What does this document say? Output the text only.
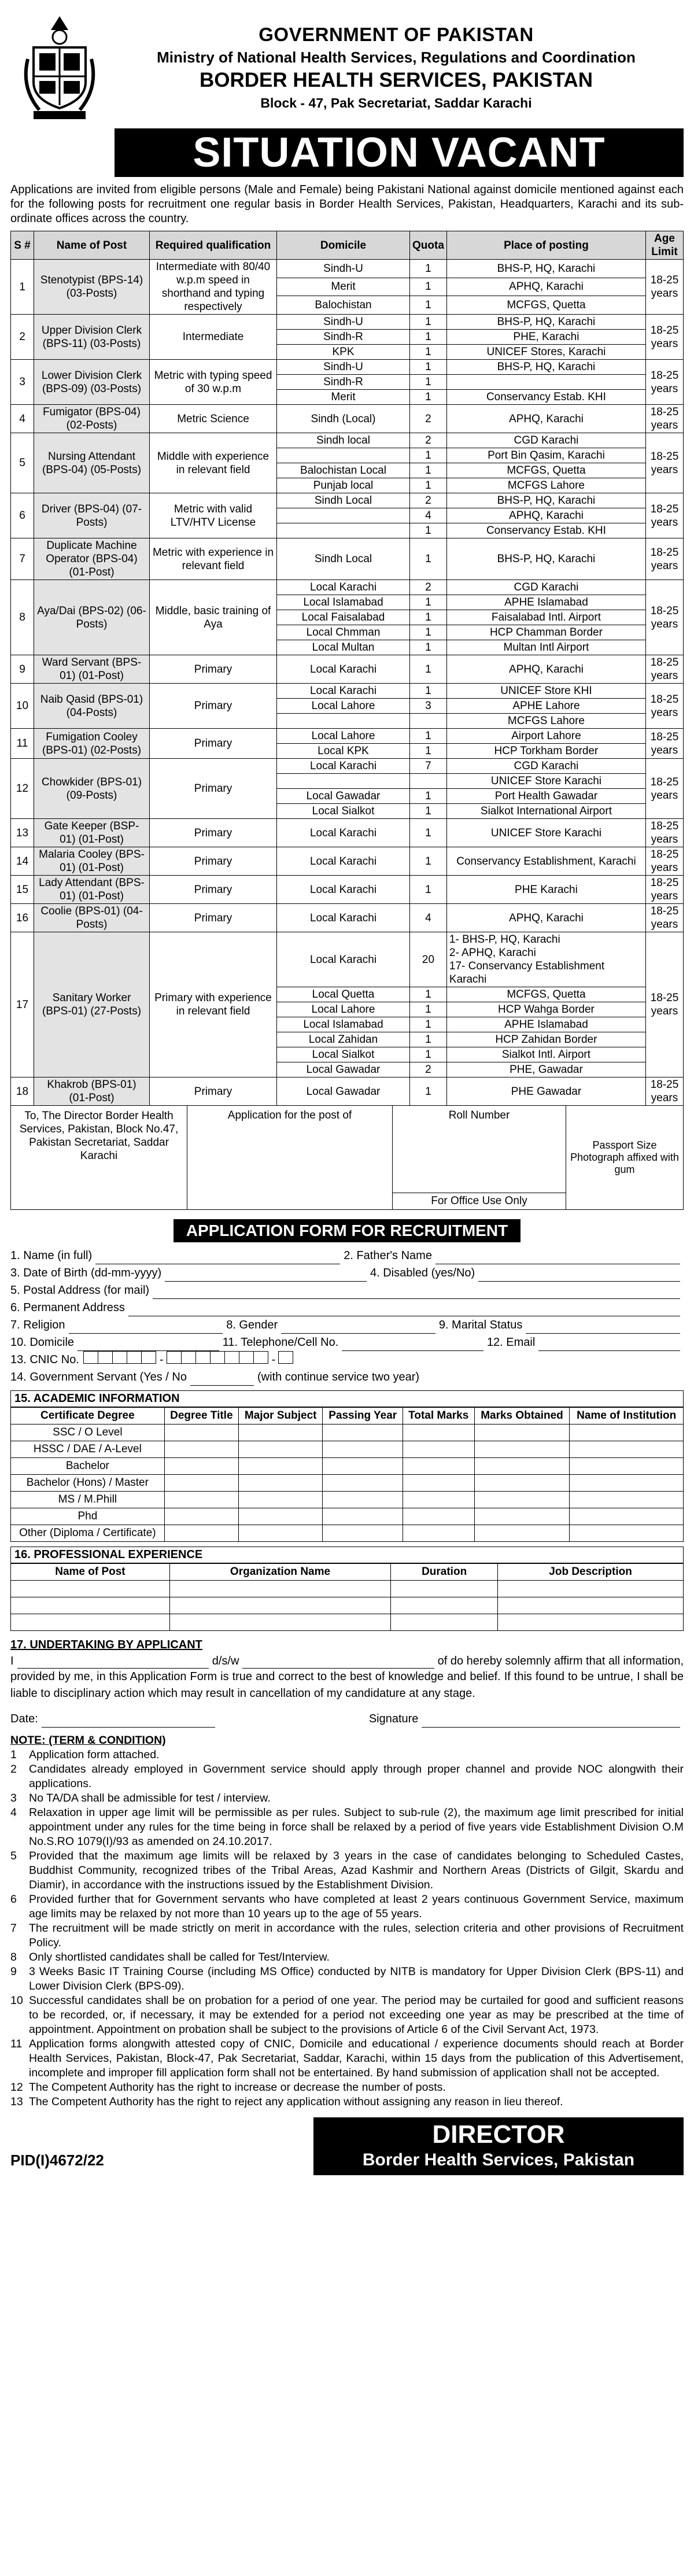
GOVERNMENT OF PAKISTAN
Ministry of National Health Services, Regulations and Coordination
BORDER HEALTH SERVICES, PAKISTAN
Block - 47, Pak Secretariat, Saddar Karachi
SITUATION VACANT
Applications are invited from eligible persons (Male and Female) being Pakistani National against domicile mentioned against each for the following posts for recruitment one regular basis in Border Health Services, Pakistan, Headquarters, Karachi and its sub-ordinate offices across the country.
S #	Name of Post	Required qualification	Domicile	Quota	Place of posting	Age Limit
1	Stenotypist (BPS-14) (03-Posts)	Intermediate with 80/40 w.p.m speed in shorthand and typing respectively	Sindh-U	1	BHS-P, HQ, Karachi	18-25 years
			Merit	1	APHQ, Karachi	
			Balochistan	1	MCFGS, Quetta	
2	Upper Division Clerk (BPS-11) (03-Posts)	Intermediate	Sindh-U	1	BHS-P, HQ, Karachi	18-25 years
			Sindh-R	1	PHE, Karachi	
			KPK	1	UNICEF Stores, Karachi	
3	Lower Division Clerk (BPS-09) (03-Posts)	Metric with typing speed of 30 w.p.m	Sindh-U	1	BHS-P, HQ, Karachi	18-25 years
			Sindh-R	1		
			Merit	1	Conservancy Estab. KHI	
4	Fumigator (BPS-04) (02-Posts)	Metric Science	Sindh (Local)	2	APHQ, Karachi	18-25 years
5	Nursing Attendant (BPS-04) (05-Posts)	Middle with experience in relevant field	Sindh local	2	CGD Karachi	18-25 years
				1	Port Bin Qasim, Karachi	
			Balochistan Local	1	MCFGS, Quetta	
			Punjab local	1	MCFGS Lahore	
6	Driver (BPS-04) (07-Posts)	Metric with valid LTV/HTV License	Sindh Local	2	BHS-P, HQ, Karachi	18-25 years
				4	APHQ, Karachi	
				1	Conservancy Estab. KHI	
7	Duplicate Machine Operator (BPS-04) (01-Post)	Metric with experience in relevant field	Sindh Local	1	BHS-P, HQ, Karachi	18-25 years
8	Aya/Dai (BPS-02) (06-Posts)	Middle, basic training of Aya	Local Karachi	2	CGD Karachi	18-25 years
			Local Islamabad	1	APHE Islamabad	
			Local Faisalabad	1	Faisalabad Intl. Airport	
			Local Chmman	1	HCP Chamman Border	
			Local Multan	1	Multan Intl Airport	
9	Ward Servant (BPS-01) (01-Post)	Primary	Local Karachi	1	APHQ, Karachi	18-25 years
10	Naib Qasid (BPS-01) (04-Posts)	Primary	Local Karachi	1	UNICEF Store KHI	18-25 years
			Local Lahore	3	APHE Lahore	
					MCFGS Lahore	
11	Fumigation Cooley (BPS-01) (02-Posts)	Primary	Local Lahore	1	Airport Lahore	18-25 years
			Local KPK	1	HCP Torkham Border	
12	Chowkider (BPS-01) (09-Posts)	Primary	Local Karachi	7	CGD Karachi	18-25 years
					UNICEF Store Karachi	
			Local Gawadar	1	Port Health Gawadar	
			Local Sialkot	1	Sialkot International Airport	
13	Gate Keeper (BSP-01) (01-Post)	Primary	Local Karachi	1	UNICEF Store Karachi	18-25 years
14	Malaria Cooley (BPS-01) (01-Post)	Primary	Local Karachi	1	Conservancy Establishment, Karachi	18-25 years
15	Lady Attendant (BPS-01) (01-Post)	Primary	Local Karachi	1	PHE Karachi	18-25 years
16	Coolie (BPS-01) (04-Posts)	Primary	Local Karachi	4	APHQ, Karachi	18-25 years
17	Sanitary Worker (BPS-01) (27-Posts)	Primary with experience in relevant field	Local Karachi	20	1- BHS-P, HQ, Karachi
2- APHQ, Karachi
17- Conservancy Establishment Karachi	18-25 years
			Local Quetta	1	MCFGS, Quetta	
			Local Lahore	1	HCP Wahga Border	
			Local Islamabad	1	APHE Islamabad	
			Local Zahidan	1	HCP Zahidan Border	
			Local Sialkot	1	Sialkot Intl. Airport	
			Local Gawadar	2	PHE, Gawadar	
18	Khakrob (BPS-01) (01-Post)	Primary	Local Gawadar	1	PHE Gawadar	18-25 years
To, The Director Border Health Services, Pakistan, Block No.47, Pakistan Secretariat, Saddar Karachi
Application for the post of	Roll Number
For Office Use Only
Passport Size Photograph affixed with gum
APPLICATION FORM FOR RECRUITMENT
1. Name (in full)	2. Father's Name
3. Date of Birth (dd-mm-yyyy)	4. Disabled (yes/No)
5. Postal Address (for mail)
6. Permanent Address
7. Religion	8. Gender	9. Marital Status
10. Domicile	11. Telephone/Cell No.	12. Email
13. CNIC No.	-	-
14. Government Servant (Yes / No	(with continue service two year)
15. ACADEMIC INFORMATION
Certificate Degree	Degree Title	Major Subject	Passing Year	Total Marks	Marks Obtained	Name of Institution
SSC / O Level						
HSSC / DAE / A-Level						
Bachelor						
Bachelor (Hons) / Master						
MS / M.Phill						
Phd						
Other (Diploma / Certificate)						
16. PROFESSIONAL EXPERIENCE
Name of Post	Organization Name	Duration	Job Description

17. UNDERTAKING BY APPLICANT
I	d/s/w	of do hereby solemnly affirm that all information,
provided by me, in this Application Form is true and correct to the best of knowledge and belief. If this found to be untrue, I shall be liable to disciplinary action which may result in cancellation of my candidature at any stage.
Date:	Signature
NOTE: (TERM & CONDITION)
1	Application form attached.
2	Candidates already employed in Government service should apply through proper channel and provide NOC alongwith their applications.
3	No TA/DA shall be admissible for test / interview.
4	Relaxation in upper age limit will be permissible as per rules. Subject to sub-rule (2), the maximum age limit prescribed for initial appointment under any rules for the time being in force shall be relaxed by a period of five years vide Establishment Division O.M No.S.RO 1079(I)/93 as amended on 24.10.2017.
5	Provided that the maximum age limits will be relaxed by 3 years in the case of candidates belonging to Scheduled Castes, Buddhist Community, recognized tribes of the Tribal Areas, Azad Kashmir and Northern Areas (Districts of Gilgit, Skardu and Diamir), in accordance with the instructions issued by the Establishment Division.
6	Provided further that for Government servants who have completed at least 2 years continuous Government Service, maximum age limits may be relaxed by not more than 10 years up to the age of 55 years.
7	The recruitment will be made strictly on merit in accordance with the rules, selection criteria and other provisions of Recruitment Policy.
8	Only shortlisted candidates shall be called for Test/Interview.
9	3 Weeks Basic IT Training Course (including MS Office) conducted by NITB is mandatory for Upper Division Clerk (BPS-11) and Lower Division Clerk (BPS-09).
10 Successful candidates shall be on probation for a period of one year. The period may be curtailed for good and sufficient reasons to be recorded, or, if necessary, it may be extended for a period not exceeding one year as may be prescribed at the time of appointment. Appointment on probation shall be subject to the provisions of Article 6 of the Civil Servant Act, 1973.
11 Application forms alongwith attested copy of CNIC, Domicile and educational / experience documents should reach at Border Health Services, Pakistan, Block-47, Pak Secretariat, Saddar, Karachi, within 15 days from the publication of this Advertisement, incomplete and improper fill application form shall not be entertained. By hand submission of application shall not be accepted.
12 The Competent Authority has the right to increase or decrease the number of posts.
13 The Competent Authority has the right to reject any application without assigning any reason in lieu thereof.
PID(I)4672/22
DIRECTOR
Border Health Services, Pakistan
